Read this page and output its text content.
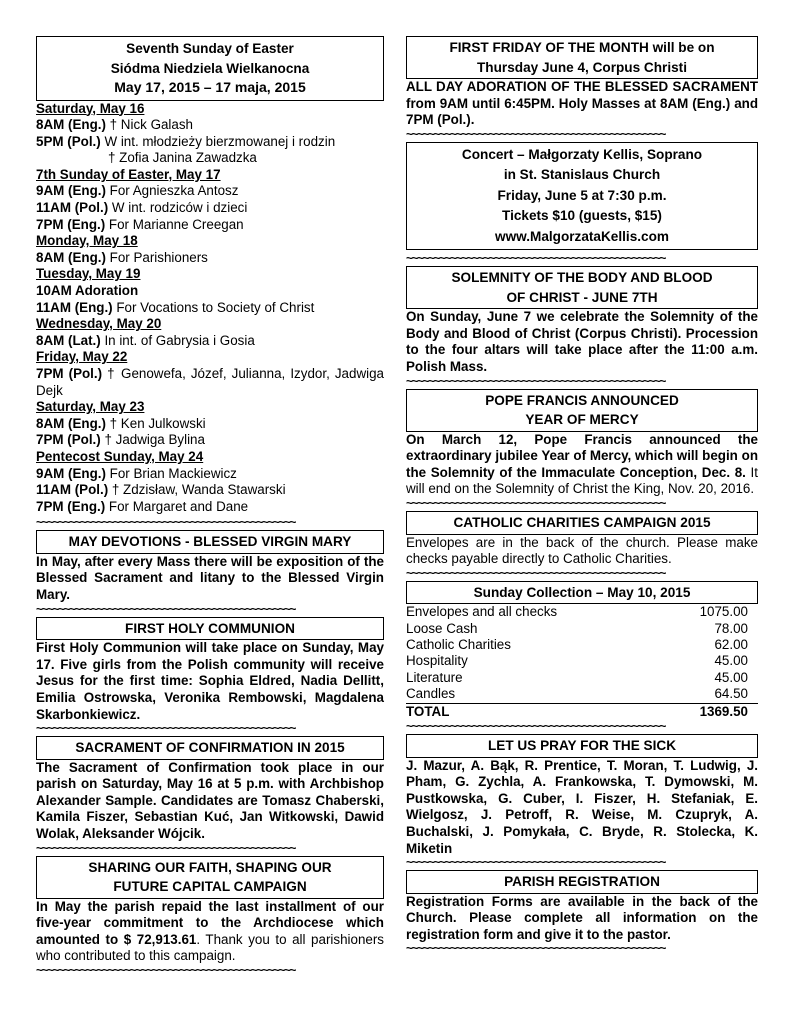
Seventh Sunday of Easter
Siódma Niedziela Wielkanocna
May 17, 2015 – 17 maja, 2015
Saturday, May 16
8AM (Eng.) † Nick Galash
5PM (Pol.) W int. młodzieży bierzmowanej i rodzin
† Zofia Janina Zawadzka
7th Sunday of Easter, May 17
9AM (Eng.) For Agnieszka Antosz
11AM (Pol.) W int. rodziców i dzieci
7PM (Eng.) For Marianne Creegan
Monday, May 18
8AM (Eng.) For Parishioners
Tuesday, May 19
10AM Adoration
11AM (Eng.) For Vocations to Society of Christ
Wednesday, May 20
8AM (Lat.) In int. of Gabrysia i Gosia
Friday, May 22
7PM (Pol.) † Genowefa, Józef, Julianna, Izydor, Jadwiga Dejk
Saturday, May 23
8AM (Eng.) † Ken Julkowski
7PM (Pol.) † Jadwiga Bylina
Pentecost Sunday, May 24
9AM (Eng.) For Brian Mackiewicz
11AM (Pol.) † Zdzisław, Wanda Stawarski
7PM (Eng.) For Margaret and Dane
~~~~~~~~~~~~~~~~~~~~~~~~~~~~~~~~~~~~~~~~~~~~~~~
MAY DEVOTIONS - BLESSED VIRGIN MARY
In May, after every Mass there will be exposition of the Blessed Sacrament and litany to the Blessed Virgin Mary.
~~~~~~~~~~~~~~~~~~~~~~~~~~~~~~~~~~~~~~~~~~~~~~~
FIRST HOLY COMMUNION
First Holy Communion will take place on Sunday, May 17. Five girls from the Polish community will receive Jesus for the first time: Sophia Eldred, Nadia Dellitt, Emilia Ostrowska, Veronika Rembowski, Magdalena Skarbonkiewicz.
~~~~~~~~~~~~~~~~~~~~~~~~~~~~~~~~~~~~~~~~~~~~~~~
SACRAMENT OF CONFIRMATION IN 2015
The Sacrament of Confirmation took place in our parish on Saturday, May 16 at 5 p.m. with Archbishop Alexander Sample. Candidates are Tomasz Chaberski, Kamila Fiszer, Sebastian Kuć, Jan Witkowski, Dawid Wolak, Aleksander Wójcik.
~~~~~~~~~~~~~~~~~~~~~~~~~~~~~~~~~~~~~~~~~~~~~~~
SHARING OUR FAITH, SHAPING OUR
FUTURE CAPITAL CAMPAIGN
In May the parish repaid the last installment of our five-year commitment to the Archdiocese which amounted to $ 72,913.61. Thank you to all parishioners who contributed to this campaign.
~~~~~~~~~~~~~~~~~~~~~~~~~~~~~~~~~~~~~~~~~~~~~~~
FIRST FRIDAY OF THE MONTH will be on
Thursday June 4, Corpus Christi
ALL DAY ADORATION OF THE BLESSED SACRAMENT from 9AM until 6:45PM. Holy Masses at 8AM (Eng.) and 7PM (Pol.).
~~~~~~~~~~~~~~~~~~~~~~~~~~~~~~~~~~~~~~~~~~~~~~~
Concert – Małgorzaty Kellis, Soprano
in St. Stanislaus Church
Friday, June 5 at 7:30 p.m.
Tickets $10 (guests, $15)
www.MalgorzataKellis.com
~~~~~~~~~~~~~~~~~~~~~~~~~~~~~~~~~~~~~~~~~~~~~~~
SOLEMNITY OF THE BODY AND BLOOD
OF CHRIST - JUNE 7TH
On Sunday, June 7 we celebrate the Solemnity of the Body and Blood of Christ (Corpus Christi). Procession to the four altars will take place after the 11:00 a.m. Polish Mass.
~~~~~~~~~~~~~~~~~~~~~~~~~~~~~~~~~~~~~~~~~~~~~~~
POPE FRANCIS ANNOUNCED
YEAR OF MERCY
On March 12, Pope Francis announced the extraordinary jubilee Year of Mercy, which will begin on the Solemnity of the Immaculate Conception, Dec. 8. It will end on the Solemnity of Christ the King, Nov. 20, 2016.
~~~~~~~~~~~~~~~~~~~~~~~~~~~~~~~~~~~~~~~~~~~~~~~
CATHOLIC CHARITIES CAMPAIGN 2015
Envelopes are in the back of the church. Please make checks payable directly to Catholic Charities.
~~~~~~~~~~~~~~~~~~~~~~~~~~~~~~~~~~~~~~~~~~~~~~~
Sunday Collection – May 10, 2015
Envelopes and all checks	1075.00
Loose Cash	78.00
Catholic Charities	62.00
Hospitality	45.00
Literature	45.00
Candles	64.50
TOTAL	1369.50
~~~~~~~~~~~~~~~~~~~~~~~~~~~~~~~~~~~~~~~~~~~~~~~
LET US PRAY FOR THE SICK
J. Mazur, A. Bąk, R. Prentice, T. Moran, T. Ludwig, J. Pham, G. Zychla, A. Frankowska, T. Dymowski, M. Pustkowska, G. Cuber, I. Fiszer, H. Stefaniak, E. Wielgosz, J. Petroff, R. Weise, M. Czupryk, A. Buchalski, J. Pomykała, C. Bryde, R. Stolecka, K. Miketin
~~~~~~~~~~~~~~~~~~~~~~~~~~~~~~~~~~~~~~~~~~~~~~~
PARISH REGISTRATION
Registration Forms are available in the back of the Church. Please complete all information on the registration form and give it to the pastor.
~~~~~~~~~~~~~~~~~~~~~~~~~~~~~~~~~~~~~~~~~~~~~~~
